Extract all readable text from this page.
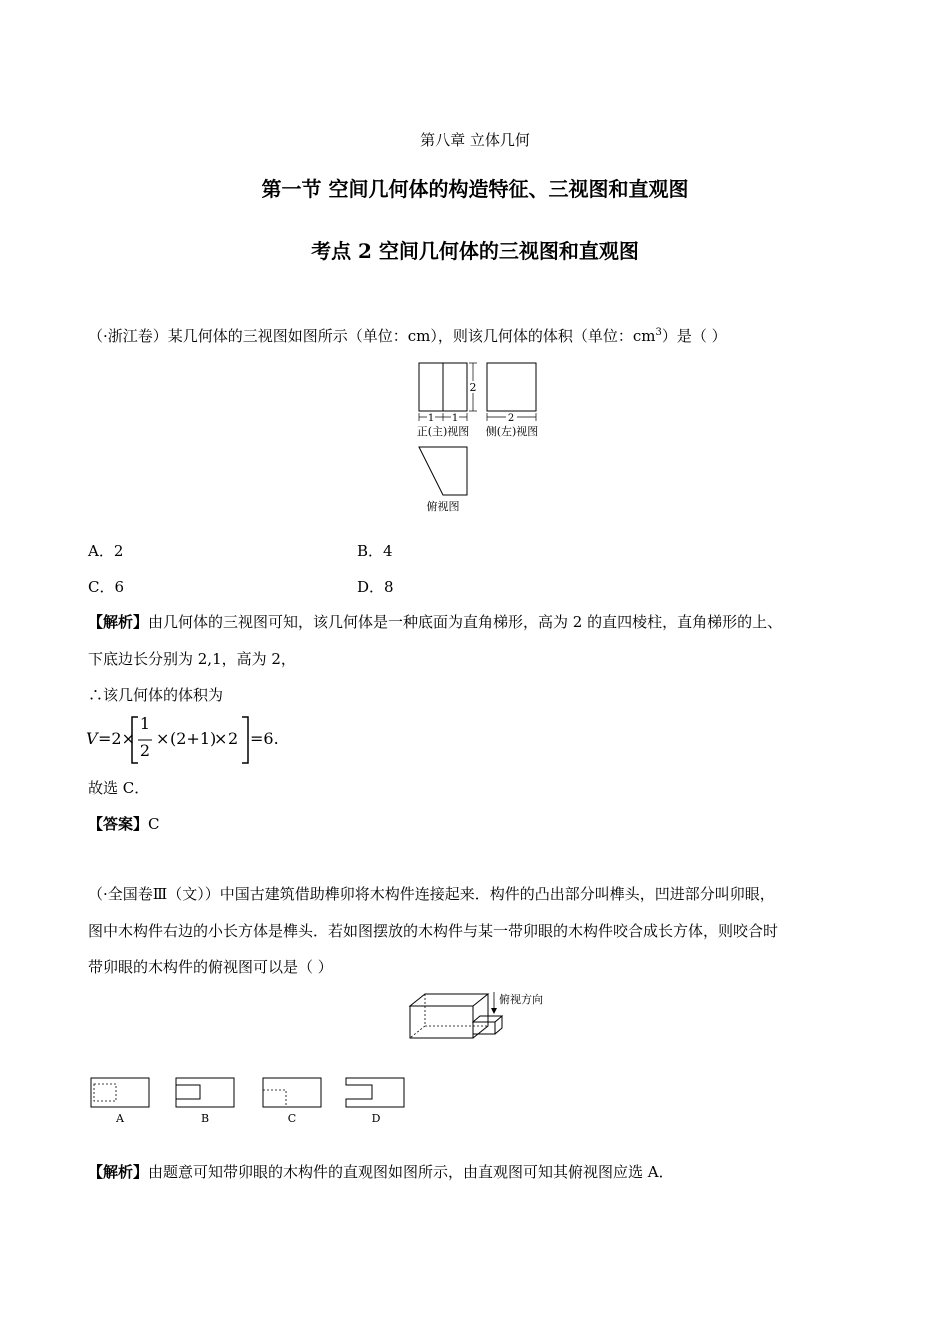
第八章 立体几何
第一节 空间几何体的构造特征、三视图和直观图
考点 2 空间几何体的三视图和直观图
（·浙江卷）某几何体的三视图如图所示（单位：cm），则该几何体的体积（单位：$cm^3$）是（ ）
1 1
2
正(主)视图
2
侧(左)视图
俯视图
A．2	B．4
C．6	D．8
【解析】由几何体的三视图可知，该几何体是一种底面为直角梯形，高为 2 的直四棱柱，直角梯形的上、
下底边长分别为 2,1，高为 2，
∴该几何体的体积为
V =2×
1
2
× (2+1)
× 2 =6.
故选 C．
【答案】C
（·全国卷Ⅲ（文））中国古建筑借助榫卯将木构件连接起来．构件的凸出部分叫榫头，凹进部分叫卯眼，
图中木构件右边的小长方体是榫头．若如图摆放的木构件与某一带卯眼的木构件咬合成长方体，则咬合时
带卯眼的木构件的俯视图可以是（ ）
俯视方向
A	B	C	D
【解析】由题意可知带卯眼的木构件的直观图如图所示，由直观图可知其俯视图应选 A．
